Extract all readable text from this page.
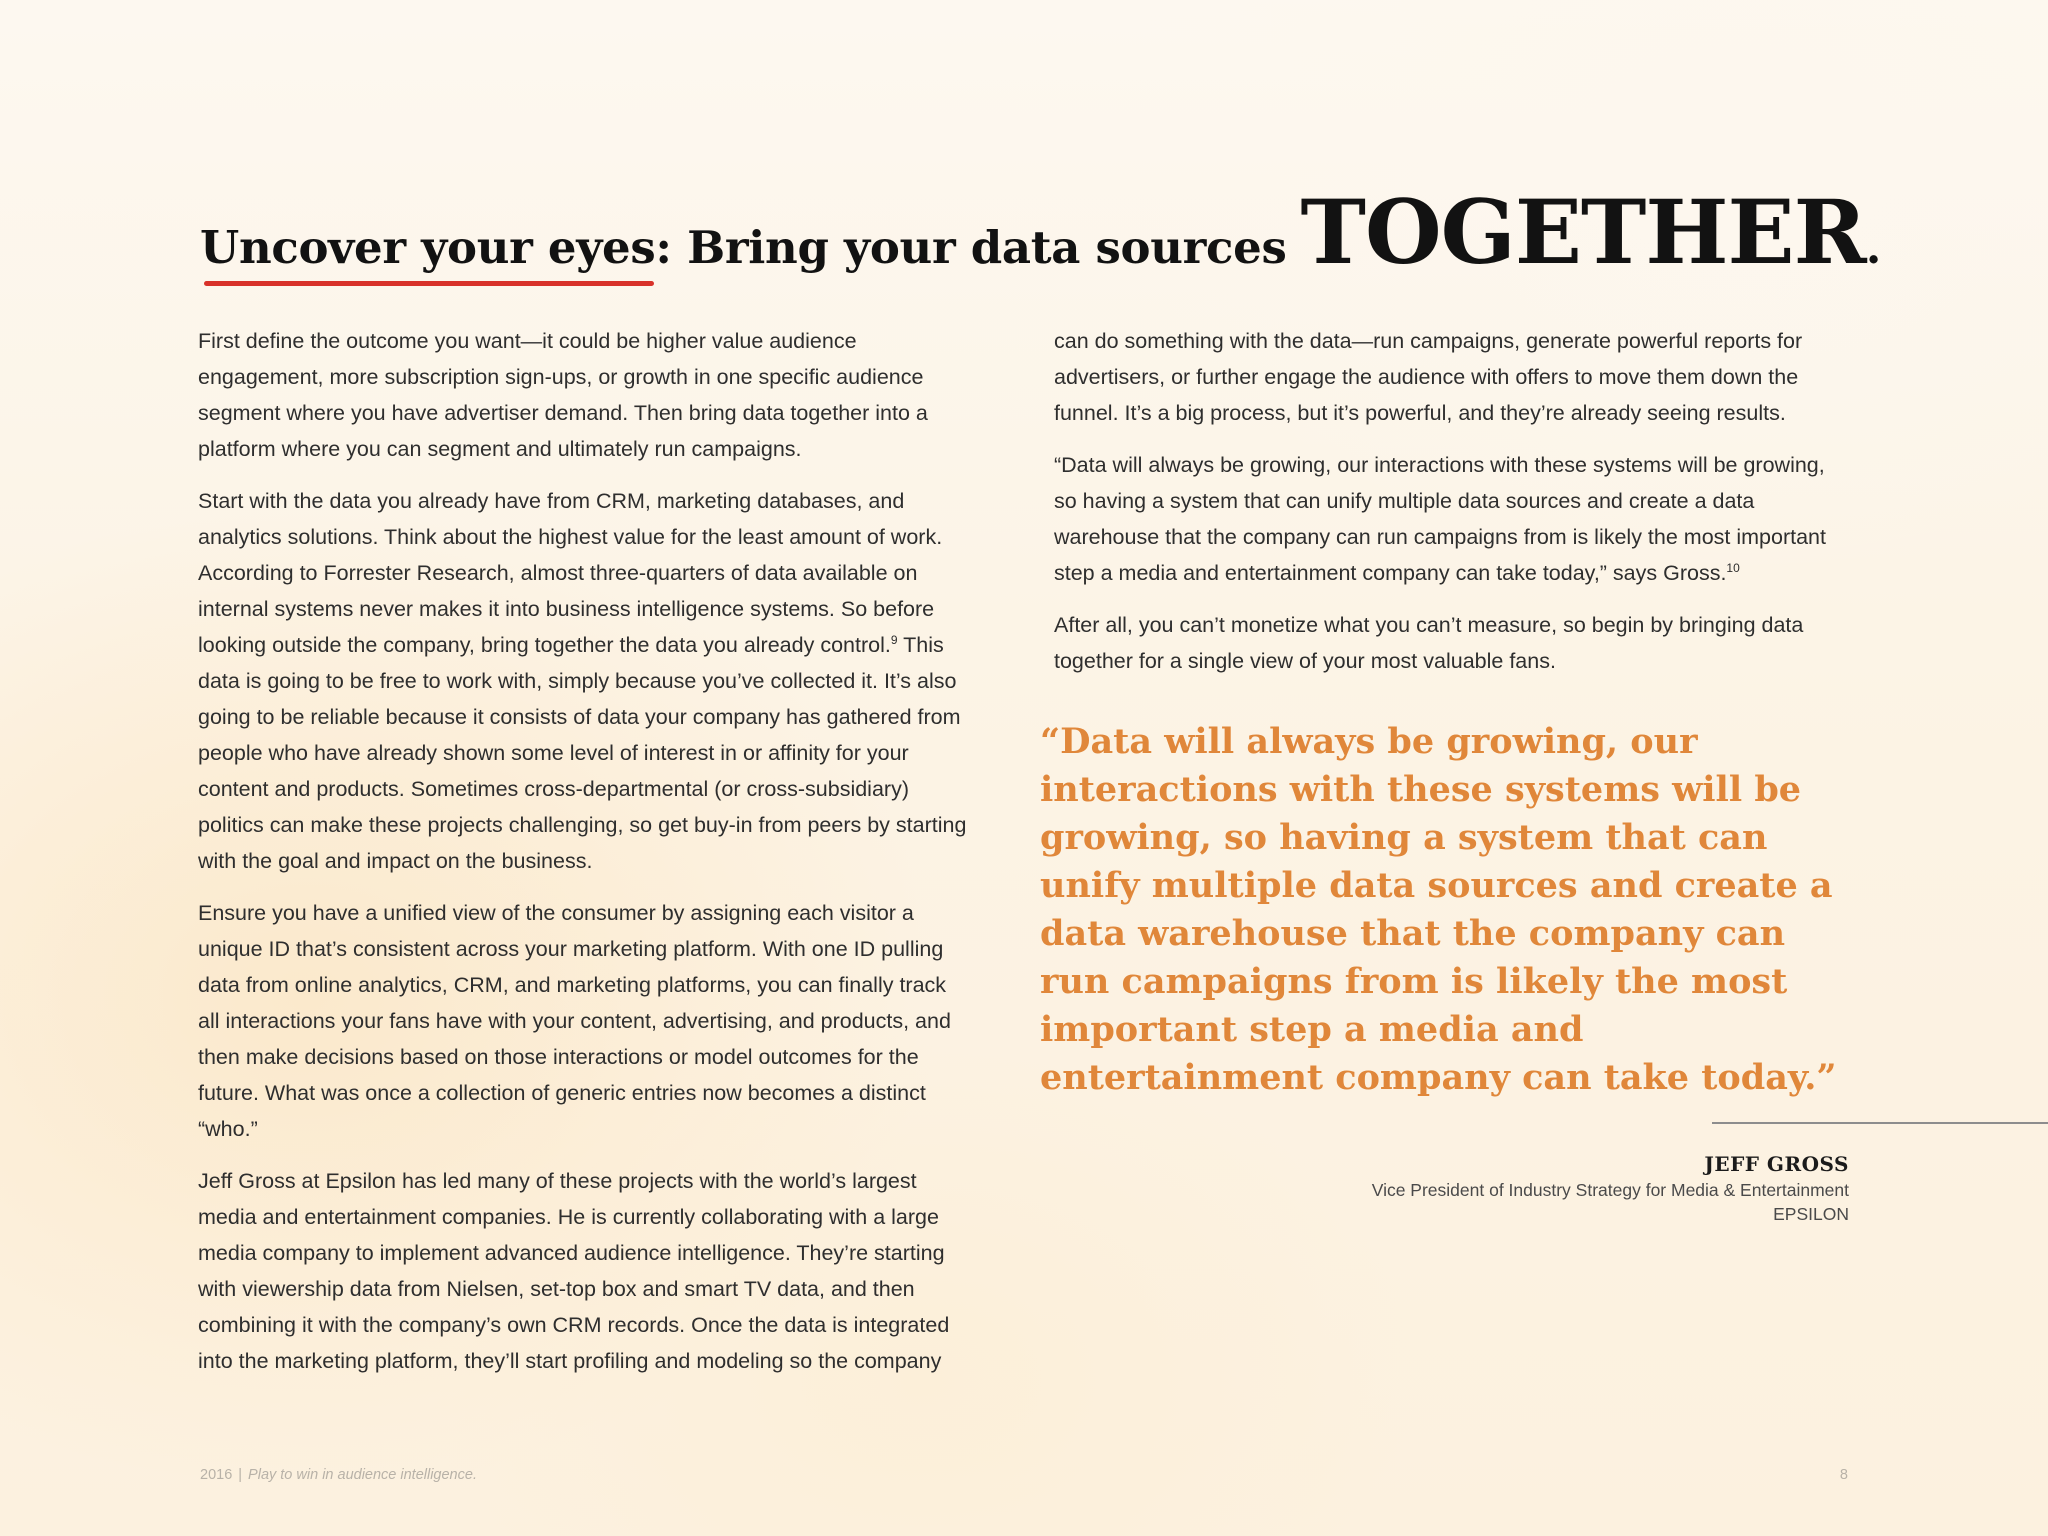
Uncover your eyes: Bring your data sources TOGETHER.

First define the outcome you want—it could be higher value audience engagement, more subscription sign-ups, or growth in one specific audience segment where you have advertiser demand. Then bring data together into a platform where you can segment and ultimately run campaigns.

Start with the data you already have from CRM, marketing databases, and analytics solutions. Think about the highest value for the least amount of work. According to Forrester Research, almost three-quarters of data available on internal systems never makes it into business intelligence systems. So before looking outside the company, bring together the data you already control.$^9$ This data is going to be free to work with, simply because you’ve collected it. It’s also going to be reliable because it consists of data your company has gathered from people who have already shown some level of interest in or affinity for your content and products. Sometimes cross-departmental (or cross-subsidiary) politics can make these projects challenging, so get buy-in from peers by starting with the goal and impact on the business.

Ensure you have a unified view of the consumer by assigning each visitor a unique ID that’s consistent across your marketing platform. With one ID pulling data from online analytics, CRM, and marketing platforms, you can finally track all interactions your fans have with your content, advertising, and products, and then make decisions based on those interactions or model outcomes for the future. What was once a collection of generic entries now becomes a distinct “who.”

Jeff Gross at Epsilon has led many of these projects with the world’s largest media and entertainment companies. He is currently collaborating with a large media company to implement advanced audience intelligence. They’re starting with viewership data from Nielsen, set-top box and smart TV data, and then combining it with the company’s own CRM records. Once the data is integrated into the marketing platform, they’ll start profiling and modeling so the company

can do something with the data—run campaigns, generate powerful reports for advertisers, or further engage the audience with offers to move them down the funnel. It’s a big process, but it’s powerful, and they’re already seeing results.

“Data will always be growing, our interactions with these systems will be growing, so having a system that can unify multiple data sources and create a data warehouse that the company can run campaigns from is likely the most important step a media and entertainment company can take today,” says Gross.$^{10}$

After all, you can’t monetize what you can’t measure, so begin by bringing data together for a single view of your most valuable fans.

“Data will always be growing, our interactions with these systems will be growing, so having a system that can unify multiple data sources and create a data warehouse that the company can run campaigns from is likely the most important step a media and entertainment company can take today.”

JEFF GROSS
Vice President of Industry Strategy for Media & Entertainment
EPSILON
2016 | Play to win in audience intelligence.	8
